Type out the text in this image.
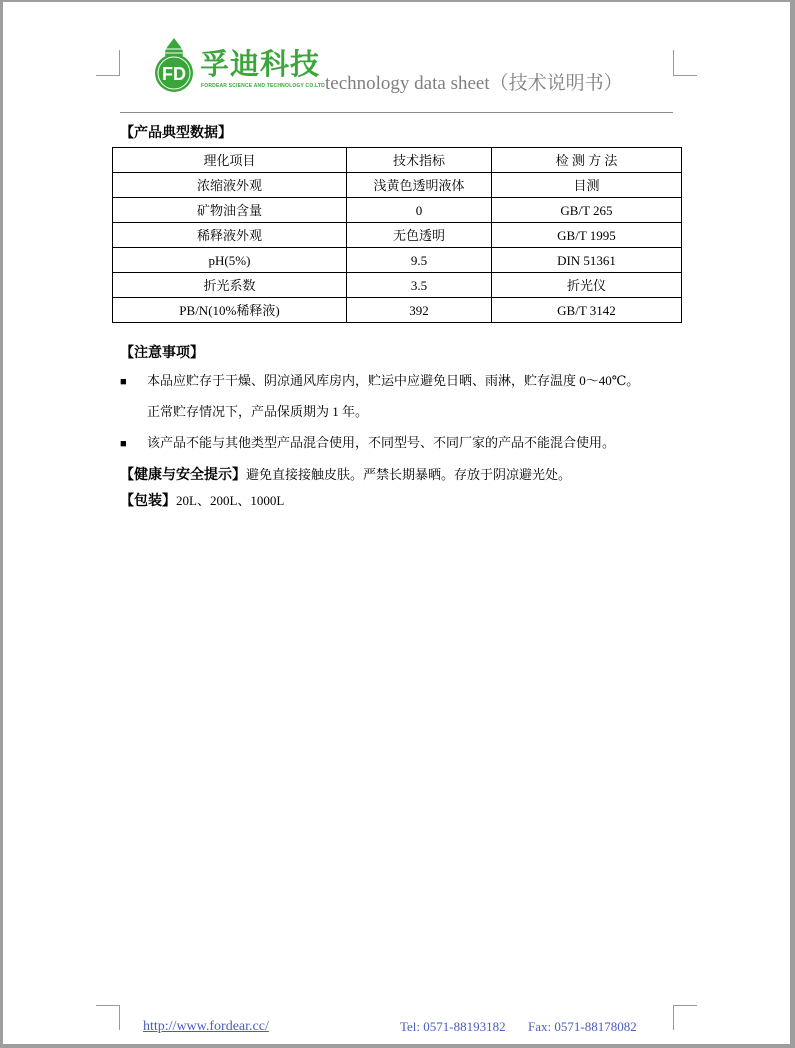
FD 孚迪科技
FORDEAR SCIENCE AND TECHNOLOGY CO.LTD technology data sheet（技术说明书）
【产品典型数据】
理化项目	技术指标	检 测 方 法
浓缩液外观	浅黄色透明液体	目测
矿物油含量	0	GB/T 265
稀释液外观	无色透明	GB/T 1995
pH(5%)	9.5	DIN 51361
折光系数	3.5	折光仪
PB/N(10%稀释液)	392	GB/T 3142
【注意事项】
■ 本品应贮存于干燥、阴凉通风库房内，贮运中应避免日晒、雨淋，贮存温度 0～40℃。
正常贮存情况下，产品保质期为 1 年。
■ 该产品不能与其他类型产品混合使用，不同型号、不同厂家的产品不能混合使用。
【健康与安全提示】避免直接接触皮肤。严禁长期暴晒。存放于阴凉避光处。
【包装】20L、200L、1000L
http://www.fordear.cc/	Tel: 0571-88193182 Fax: 0571-88178082
